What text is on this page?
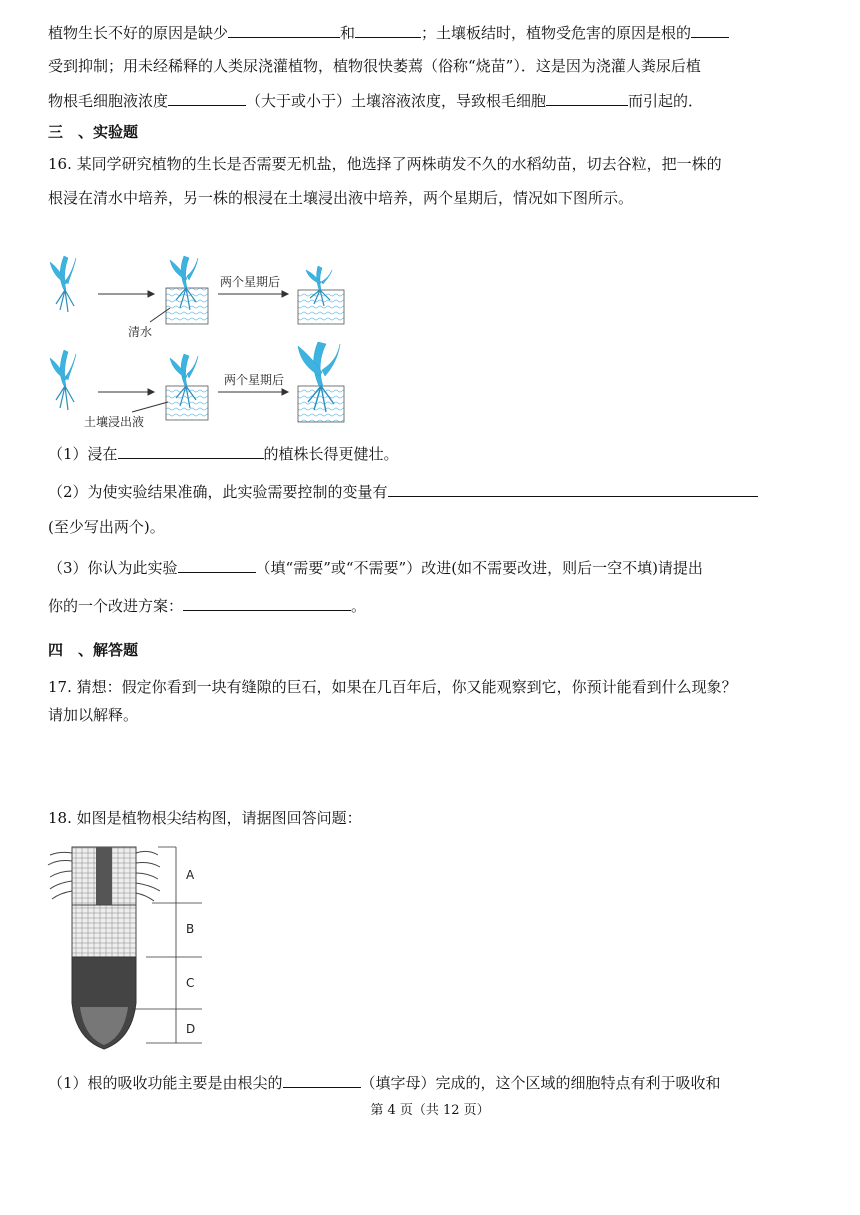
植物生长不好的原因是缺少	和	；土壤板结时，植物受危害的原因是根的
受到抑制；用未经稀释的人类尿浇灌植物，植物很快萎蔫（俗称“烧苗”）．这是因为浇灌人粪尿后植
物根毛细胞液浓度	（大于或小于）土壤溶液浓度，导致根毛细胞	而引起的．
三　、实验题
16. 某同学研究植物的生长是否需要无机盐，他选择了两株萌发不久的水稻幼苗，切去谷粒，把一株的
根浸在清水中培养，另一株的根浸在土壤浸出液中培养，两个星期后，情况如下图所示。
两个星期后
清水
两个星期后
土壤浸出液
（1）浸在	的植株长得更健壮。
（2）为使实验结果准确，此实验需要控制的变量有
(至少写出两个)。
（3）你认为此实验	（填“需要”或“不需要”）改进(如不需要改进，则后一空不填)请提出
你的一个改进方案：	。
四　、解答题
17. 猜想：假定你看到一块有缝隙的巨石，如果在几百年后，你又能观察到它，你预计能看到什么现象？
请加以解释。
18. 如图是植物根尖结构图，请据图回答问题：
A
B
C
D
（1）根的吸收功能主要是由根尖的	（填字母）完成的，这个区域的细胞特点有利于吸收和
第 4 页（共 12 页）
